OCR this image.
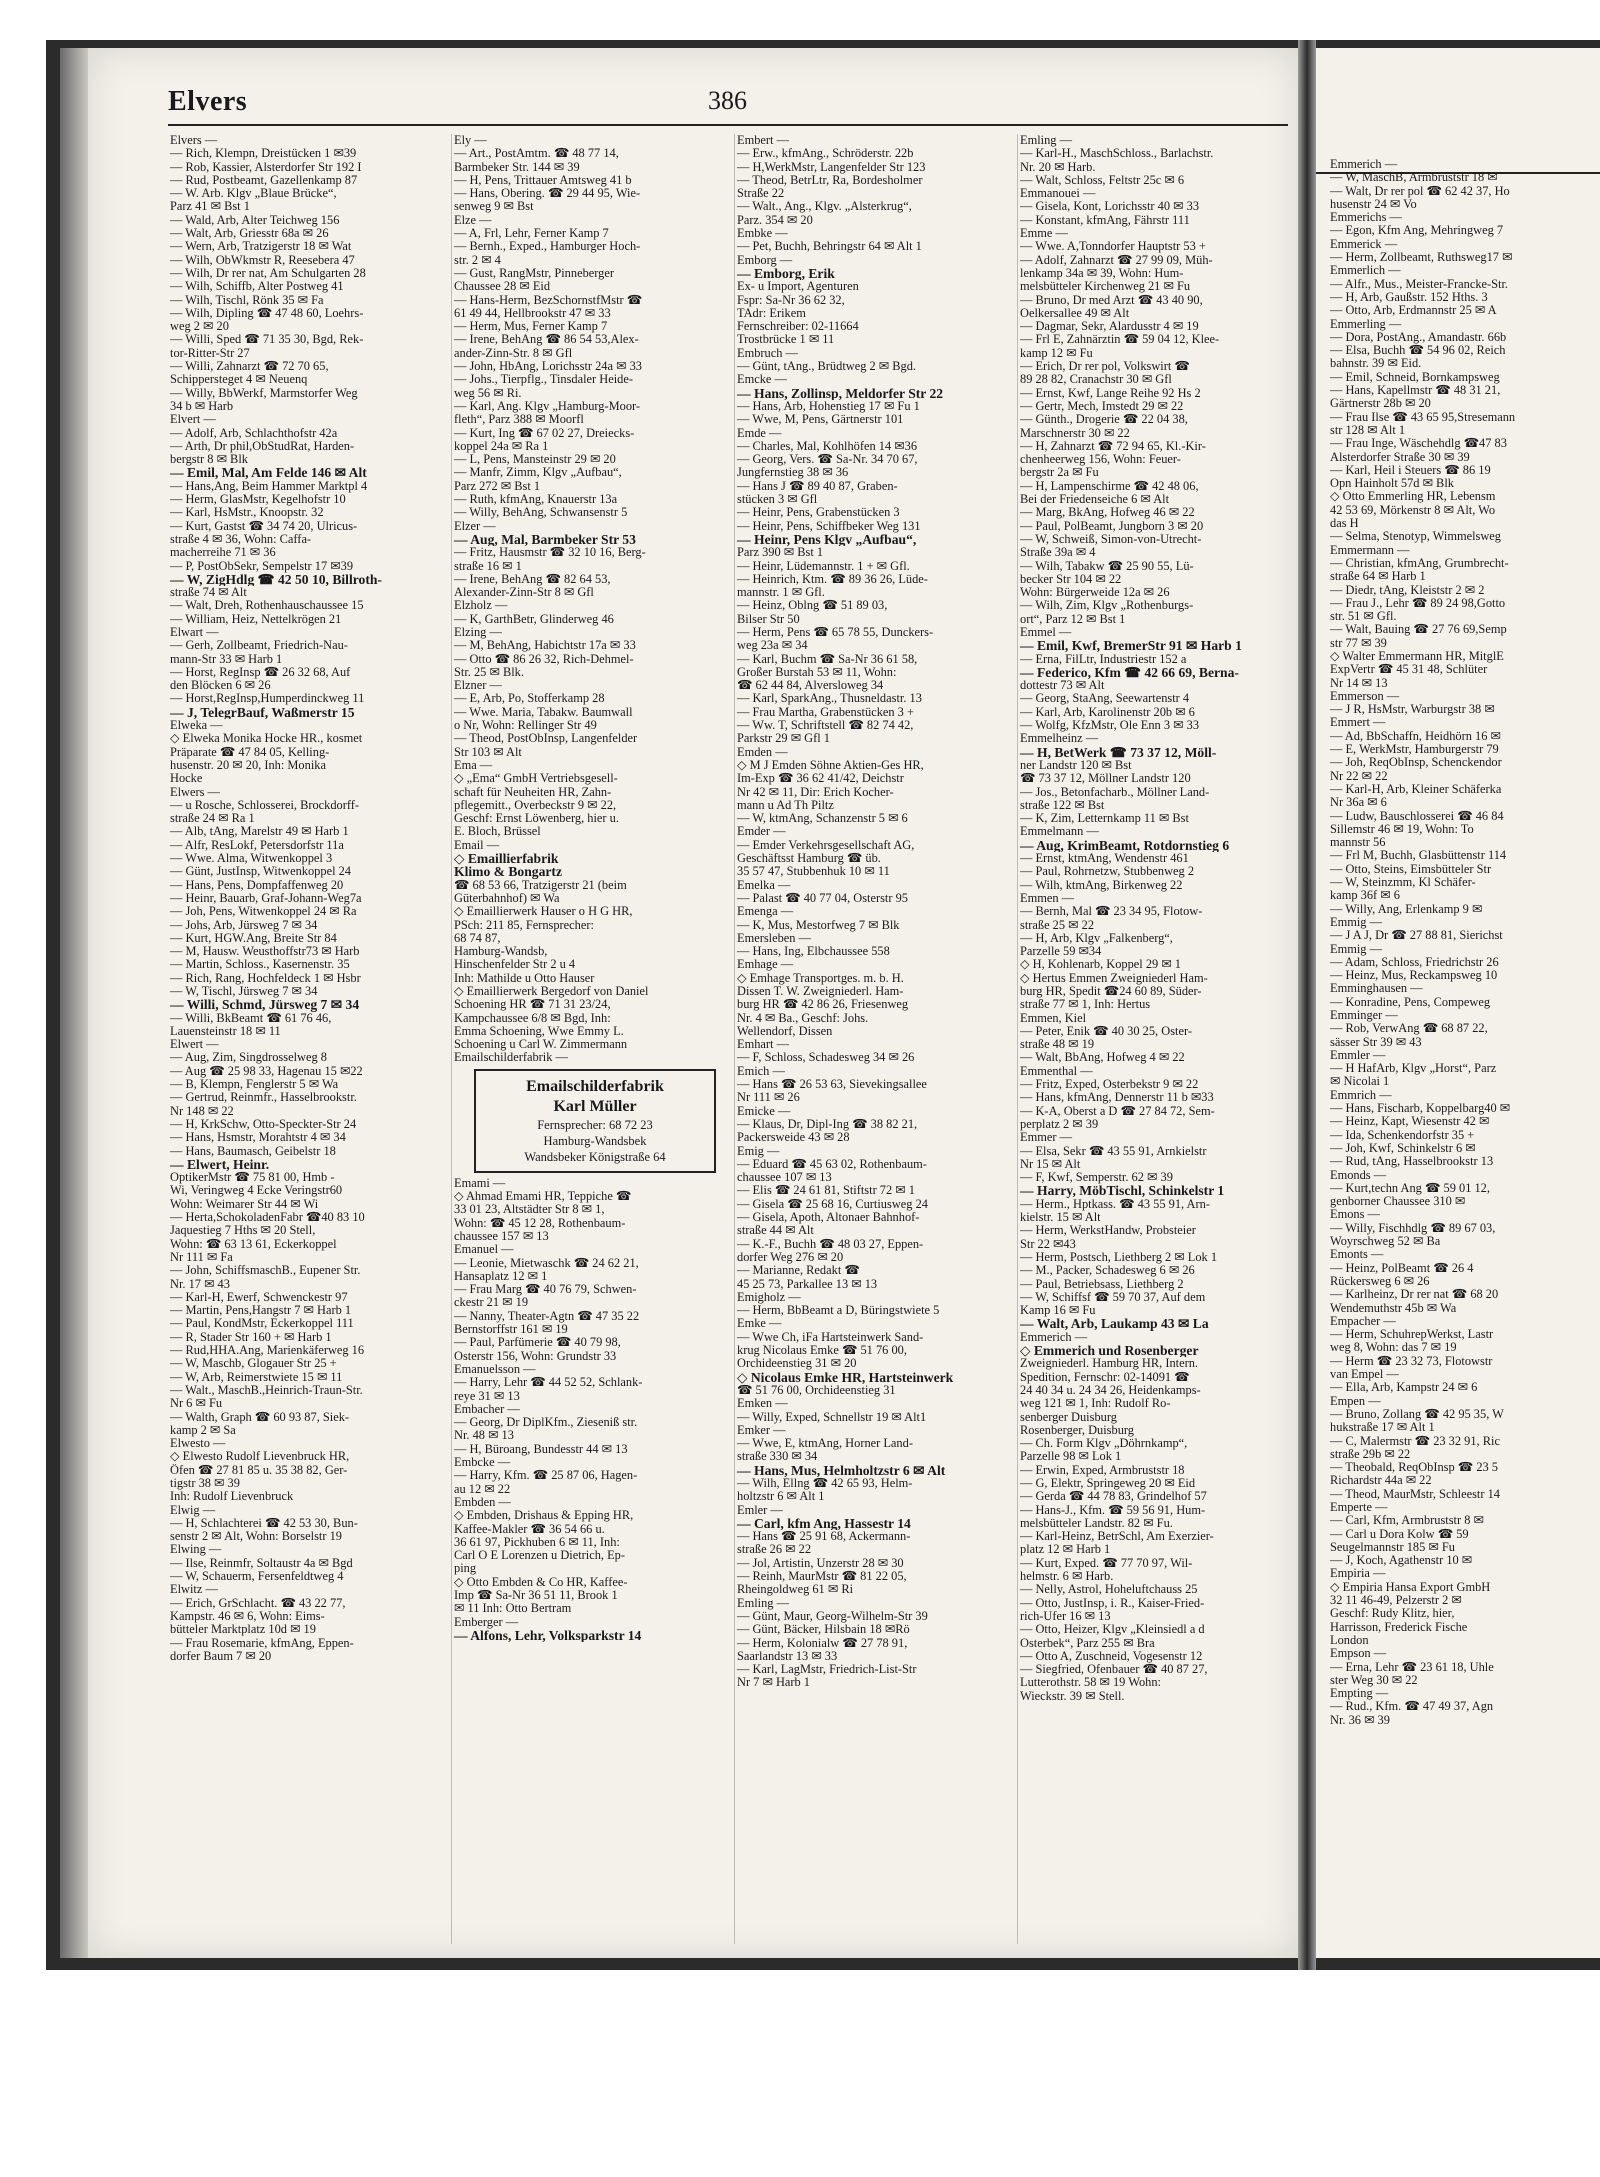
Elvers	386
Elvers —
— Rich, Klempn, Dreistücken 1 ✉39
— Rob, Kassier, Alsterdorfer Str 192 I
— Rud, Postbeamt, Gazellenkamp 87
— W. Arb. Klgv „Blaue Brücke“,
Parz 41 ✉ Bst 1
— Wald, Arb, Alter Teichweg 156
— Walt, Arb, Griesstr 68a ✉ 26
— Wern, Arb, Tratzigerstr 18 ✉ Wat
— Wilh, ObWkmstr R, Reesebera 47
— Wilh, Dr rer nat, Am Schulgarten 28
— Wilh, Schiffb, Alter Postweg 41
— Wilh, Tischl, Rönk 35 ✉ Fa
— Wilh, Dipling ☎ 47 48 60, Loehrs-
weg 2 ✉ 20
— Willi, Sped ☎ 71 35 30, Bgd, Rek-
tor-Ritter-Str 27
— Willi, Zahnarzt ☎ 72 70 65,
Schippersteget 4 ✉ Neuenq
— Willy, BbWerkf, Marmstorfer Weg
34 b ✉ Harb
Elvert —
— Adolf, Arb, Schlachthofstr 42a
— Arth, Dr phil,ObStudRat, Harden-
bergstr 8 ✉ Blk
— Emil, Mal, Am Felde 146 ✉ Alt
— Hans,Ang, Beim Hammer Marktpl 4
— Herm, GlasMstr, Kegelhofstr 10
— Karl, HsMstr., Knoopstr. 32
— Kurt, Gastst ☎ 34 74 20, Ulricus-
straße 4 ✉ 36, Wohn: Caffa-
macherreihe 71 ✉ 36
— P, PostObSekr, Sempelstr 17 ✉39
— W, ZigHdlg ☎ 42 50 10, Billroth-
straße 74 ✉ Alt
— Walt, Dreh, Rothenhauschaussee 15
— William, Heiz, Nettelkrögen 21
Elwart —
— Gerh, Zollbeamt, Friedrich-Nau-
mann-Str 33 ✉ Harb 1
— Horst, RegInsp ☎ 26 32 68, Auf
den Blöcken 6 ✉ 26
— Horst,RegInsp,Humperdinckweg 11
— J, TelegrBauf, Waßmerstr 15
Elweka —
◇ Elweka Monika Hocke HR., kosmet
Präparate ☎ 47 84 05, Kelling-
husenstr. 20 ✉ 20, Inh: Monika
Hocke
Elwers —
— u Rosche, Schlosserei, Brockdorff-
straße 24 ✉ Ra 1
— Alb, tAng, Marelstr 49 ✉ Harb 1
— Alfr, ResLokf, Petersdorfstr 11a
— Wwe. Alma, Witwenkoppel 3
— Günt, JustInsp, Witwenkoppel 24
— Hans, Pens, Dompfaffenweg 20
— Heinr, Bauarb, Graf-Johann-Weg7a
— Joh, Pens, Witwenkoppel 24 ✉ Ra
— Johs, Arb, Jürsweg 7 ✉ 34
— Kurt, HGW.Ang, Breite Str 84
— M, Hausw. Weusthoffstr73 ✉ Harb
— Martin, Schloss., Kasernenstr. 35
— Rich, Rang, Hochfeldeck 1 ✉ Hsbr
— W, Tischl, Jürsweg 7 ✉ 34
— Willi, Schmd, Jürsweg 7 ✉ 34
— Willi, BkBeamt ☎ 61 76 46,
Lauensteinstr 18 ✉ 11
Elwert —
— Aug, Zim, Singdrosselweg 8
— Aug ☎ 25 98 33, Hagenau 15 ✉22
— B, Klempn, Fenglerstr 5 ✉ Wa
— Gertrud, Reinmfr., Hasselbrookstr.
Nr 148 ✉ 22
— H, KrkSchw, Otto-Speckter-Str 24
— Hans, Hsmstr, Morahtstr 4 ✉ 34
— Hans, Baumasch, Geibelstr 18
— Elwert, Heinr.
OptikerMstr ☎ 75 81 00, Hmb -
Wi, Veringweg 4 Ecke Veringstr60
Wohn: Weimarer Str 44 ✉ Wi
— Herta,SchokoladenFabr ☎40 83 10
Jaquestieg 7 Hths ✉ 20 Stell,
Wohn: ☎ 63 13 61, Eckerkoppel
Nr 111 ✉ Fa
— John, SchiffsmaschB., Eupener Str.
Nr. 17 ✉ 43
— Karl-H, Ewerf, Schwenckestr 97
— Martin, Pens,Hangstr 7 ✉ Harb 1
— Paul, KondMstr, Eckerkoppel 111
— R, Stader Str 160 + ✉ Harb 1
— Rud,HHA.Ang, Marienkäferweg 16
— W, Maschb, Glogauer Str 25 +
— W, Arb, Reimerstwiete 15 ✉ 11
— Walt., MaschB.,Heinrich-Traun-Str.
Nr 6 ✉ Fu
— Walth, Graph ☎ 60 93 87, Siek-
kamp 2 ✉ Sa
Elwesto —
◇ Elwesto Rudolf Lievenbruck HR,
Öfen ☎ 27 81 85 u. 35 38 82, Ger-
tigstr 38 ✉ 39
Inh: Rudolf Lievenbruck
Elwig —
— H, Schlachterei ☎ 42 53 30, Bun-
senstr 2 ✉ Alt, Wohn: Borselstr 19
Elwing —
— Ilse, Reinmfr, Soltaustr 4a ✉ Bgd
— W, Schauerm, Fersenfeldtweg 4
Elwitz —
— Erich, GrSchlacht. ☎ 43 22 77,
Kampstr. 46 ✉ 6, Wohn: Eims-
bütteler Marktplatz 10d ✉ 19
— Frau Rosemarie, kfmAng, Eppen-
dorfer Baum 7 ✉ 20
Ely —
— Art., PostAmtm. ☎ 48 77 14,
Barmbeker Str. 144 ✉ 39
— H, Pens, Trittauer Amtsweg 41 b
— Hans, Obering. ☎ 29 44 95, Wie-
senweg 9 ✉ Bst
Elze —
— A, Frl, Lehr, Ferner Kamp 7
— Bernh., Exped., Hamburger Hoch-
str. 2 ✉ 4
— Gust, RangMstr, Pinneberger
Chaussee 28 ✉ Eid
— Hans-Herm, BezSchornstfMstr ☎
61 49 44, Hellbrookstr 47 ✉ 33
— Herm, Mus, Ferner Kamp 7
— Irene, BehAng ☎ 86 54 53,Alex-
ander-Zinn-Str. 8 ✉ Gfl
— John, HbAng, Lorichsstr 24a ✉ 33
— Johs., Tierpflg., Tinsdaler Heide-
weg 56 ✉ Ri.
— Karl, Ang. Klgv „Hamburg-Moor-
fleth“, Parz 388 ✉ Moorfl
— Kurt, Ing ☎ 67 02 27, Dreiecks-
koppel 24a ✉ Ra 1
— L, Pens, Mansteinstr 29 ✉ 20
— Manfr, Zimm, Klgv „Aufbau“,
Parz 272 ✉ Bst 1
— Ruth, kfmAng, Knauerstr 13a
— Willy, BehAng, Schwansenstr 5
Elzer —
— Aug, Mal, Barmbeker Str 53
— Fritz, Hausmstr ☎ 32 10 16, Berg-
straße 16 ✉ 1
— Irene, BehAng ☎ 82 64 53,
Alexander-Zinn-Str 8 ✉ Gfl
Elzholz —
— K, GarthBetr, Glinderweg 46
Elzing —
— M, BehAng, Habichtstr 17a ✉ 33
— Otto ☎ 86 26 32, Rich-Dehmel-
Str. 25 ✉ Blk.
Elzner —
— E, Arb, Po, Stofferkamp 28
— Wwe. Maria, Tabakw. Baumwall
o Nr, Wohn: Rellinger Str 49
— Theod, PostObInsp, Langenfelder
Str 103 ✉ Alt
Ema —
◇ „Ema“ GmbH Vertriebsgesell-
schaft für Neuheiten HR, Zahn-
pflegemitt., Overbeckstr 9 ✉ 22,
Geschf: Ernst Löwenberg, hier u.
E. Bloch, Brüssel
Email —
◇ Emaillierfabrik
Klimo & Bongartz
☎ 68 53 66, Tratzigerstr 21 (beim
Güterbahnhof) ✉ Wa
◇ Emaillierwerk Hauser o H G HR,
PSch: 211 85, Fernsprecher:
68 74 87,
Hamburg-Wandsb,
Hinschenfelder Str 2 u 4
Inh: Mathilde u Otto Hauser
◇ Emaillierwerk Bergedorf von Daniel
Schoening HR ☎ 71 31 23/24,
Kampchaussee 6/8 ✉ Bgd, Inh:
Emma Schoening, Wwe Emmy L.
Schoening u Carl W. Zimmermann
Emailschilderfabrik —
Emailschilderfabrik
Karl Müller
Fernsprecher: 68 72 23
Hamburg-Wandsbek
Wandsbeker Königstraße 64
Emami —
◇ Ahmad Emami HR, Teppiche ☎
33 01 23, Altstädter Str 8 ✉ 1,
Wohn: ☎ 45 12 28, Rothenbaum-
chaussee 157 ✉ 13
Emanuel —
— Leonie, Mietwaschk ☎ 24 62 21,
Hansaplatz 12 ✉ 1
— Frau Marg ☎ 40 76 79, Schwen-
ckestr 21 ✉ 19
— Nanny, Theater-Agtn ☎ 47 35 22
Bernstorffstr 161 ✉ 19
— Paul, Parfümerie ☎ 40 79 98,
Osterstr 156, Wohn: Grundstr 33
Emanuelsson —
— Harry, Lehr ☎ 44 52 52, Schlank-
reye 31 ✉ 13
Embacher —
— Georg, Dr DiplKfm., Zieseniß str.
Nr. 48 ✉ 13
— H, Büroang, Bundesstr 44 ✉ 13
Embcke —
— Harry, Kfm. ☎ 25 87 06, Hagen-
au 12 ✉ 22
Embden —
◇ Embden, Drishaus & Epping HR,
Kaffee-Makler ☎ 36 54 66 u.
36 61 97, Pickhuben 6 ✉ 11, Inh:
Carl O E Lorenzen u Dietrich, Ep-
ping
◇ Otto Embden & Co HR, Kaffee-
Imp ☎ Sa-Nr 36 51 11, Brook 1
✉ 11 Inh: Otto Bertram
Emberger —
— Alfons, Lehr, Volksparkstr 14
Embert —
— Erw., kfmAng., Schröderstr. 22b
— H,WerkMstr, Langenfelder Str 123
— Theod, BetrLtr, Ra, Bordesholmer
Straße 22
— Walt., Ang., Klgv. „Alsterkrug“,
Parz. 354 ✉ 20
Embke —
— Pet, Buchh, Behringstr 64 ✉ Alt 1
Emborg —
— Emborg, Erik
Ex- u Import, Agenturen
Fspr: Sa-Nr 36 62 32,
TAdr: Erikem
Fernschreiber: 02-11664
Trostbrücke 1 ✉ 11
Embruch —
— Günt, tAng., Brüdtweg 2 ✉ Bgd.
Emcke —
— Hans, Zollinsp, Meldorfer Str 22
— Hans, Arb, Hohenstieg 17 ✉ Fu 1
— Wwe, M, Pens, Gärtnerstr 101
Emde —
— Charles, Mal, Kohlhöfen 14 ✉36
— Georg, Vers. ☎ Sa-Nr. 34 70 67,
Jungfernstieg 38 ✉ 36
— Hans J ☎ 89 40 87, Graben-
stücken 3 ✉ Gfl
— Heinr, Pens, Grabenstücken 3
— Heinr, Pens, Schiffbeker Weg 131
— Heinr, Pens Klgv „Aufbau“,
Parz 390 ✉ Bst 1
— Heinr, Lüdemannstr. 1 + ✉ Gfl.
— Heinrich, Ktm. ☎ 89 36 26, Lüde-
mannstr. 1 ✉ Gfl.
— Heinz, Oblng ☎ 51 89 03,
Bilser Str 50
— Herm, Pens ☎ 65 78 55, Dunckers-
weg 23a ✉ 34
— Karl, Buchm ☎ Sa-Nr 36 61 58,
Großer Burstah 53 ✉ 11, Wohn:
☎ 62 44 84, Alversloweg 34
— Karl, SparkAng., Thusneldastr. 13
— Frau Martha, Grabenstücken 3 +
— Ww. T, Schriftstell ☎ 82 74 42,
Parkstr 29 ✉ Gfl 1
Emden —
◇ M J Emden Söhne Aktien-Ges HR,
Im-Exp ☎ 36 62 41/42, Deichstr
Nr 42 ✉ 11, Dir: Erich Kocher-
mann u Ad Th Piltz
— W, ktmAng, Schanzenstr 5 ✉ 6
Emder —
— Emder Verkehrsgesellschaft AG,
Geschäftsst Hamburg ☎ üb.
35 57 47, Stubbenhuk 10 ✉ 11
Emelka —
— Palast ☎ 40 77 04, Osterstr 95
Emenga —
— K, Mus, Mestorfweg 7 ✉ Blk
Emersleben —
— Hans, Ing, Elbchaussee 558
Emhage —
◇ Emhage Transportges. m. b. H.
Dissen T. W. Zweigniederl. Ham-
burg HR ☎ 42 86 26, Friesenweg
Nr. 4 ✉ Ba., Geschf: Johs.
Wellendorf, Dissen
Emhart —
— F, Schloss, Schadesweg 34 ✉ 26
Emich —
— Hans ☎ 26 53 63, Sievekingsallee
Nr 111 ✉ 26
Emicke —
— Klaus, Dr, Dipl-Ing ☎ 38 82 21,
Packersweide 43 ✉ 28
Emig —
— Eduard ☎ 45 63 02, Rothenbaum-
chaussee 107 ✉ 13
— Elis ☎ 24 61 81, Stiftstr 72 ✉ 1
— Gisela ☎ 25 68 16, Curtiusweg 24
— Gisela, Apoth, Altonaer Bahnhof-
straße 44 ✉ Alt
— K.-F., Buchh ☎ 48 03 27, Eppen-
dorfer Weg 276 ✉ 20
— Marianne, Redakt ☎
45 25 73, Parkallee 13 ✉ 13
Emigholz —
— Herm, BbBeamt a D, Büringstwiete 5
Emke —
— Wwe Ch, iFa Hartsteinwerk Sand-
krug Nicolaus Emke ☎ 51 76 00,
Orchideenstieg 31 ✉ 20
◇ Nicolaus Emke HR, Hartsteinwerk
☎ 51 76 00, Orchideenstieg 31
Emken —
— Willy, Exped, Schnellstr 19 ✉ Alt1
Emker —
— Wwe, E, ktmAng, Horner Land-
straße 330 ✉ 34
— Hans, Mus, Helmholtzstr 6 ✉ Alt
— Wilh, Ellng ☎ 42 65 93, Helm-
holtzstr 6 ✉ Alt 1
Emler —
— Carl, kfm Ang, Hassestr 14
— Hans ☎ 25 91 68, Ackermann-
straße 26 ✉ 22
— Jol, Artistin, Unzerstr 28 ✉ 30
— Reinh, MaurMstr ☎ 81 22 05,
Rheingoldweg 61 ✉ Ri
Emling —
— Günt, Maur, Georg-Wilhelm-Str 39
— Günt, Bäcker, Hilsbain 18 ✉Rö
— Herm, Kolonialw ☎ 27 78 91,
Saarlandstr 13 ✉ 33
— Karl, LagMstr, Friedrich-List-Str
Nr 7 ✉ Harb 1
Emling —
— Karl-H., MaschSchloss., Barlachstr.
Nr. 20 ✉ Harb.
— Walt, Schloss, Feltstr 25c ✉ 6
Emmanouei —
— Gisela, Kont, Lorichsstr 40 ✉ 33
— Konstant, kfmAng, Fährstr 111
Emme —
— Wwe. A,Tonndorfer Hauptstr 53 +
— Adolf, Zahnarzt ☎ 27 99 09, Müh-
lenkamp 34a ✉ 39, Wohn: Hum-
melsbütteler Kirchenweg 21 ✉ Fu
— Bruno, Dr med Arzt ☎ 43 40 90,
Oelkersallee 49 ✉ Alt
— Dagmar, Sekr, Alardusstr 4 ✉ 19
— Frl E, Zahnärztin ☎ 59 04 12, Klee-
kamp 12 ✉ Fu
— Erich, Dr rer pol, Volkswirt ☎
89 28 82, Cranachstr 30 ✉ Gfl
— Ernst, Kwf, Lange Reihe 92 Hs 2
— Gertr, Mech, Imstedt 29 ✉ 22
— Günth., Drogerie ☎ 22 04 38,
Marschnerstr 30 ✉ 22
— H, Zahnarzt ☎ 72 94 65, Kl.-Kir-
chenheerweg 156, Wohn: Feuer-
bergstr 2a ✉ Fu
— H, Lampenschirme ☎ 42 48 06,
Bei der Friedenseiche 6 ✉ Alt
— Marg, BkAng, Hofweg 46 ✉ 22
— Paul, PolBeamt, Jungborn 3 ✉ 20
— W, Schweiß, Simon-von-Utrecht-
Straße 39a ✉ 4
— Wilh, Tabakw ☎ 25 90 55, Lü-
becker Str 104 ✉ 22
Wohn: Bürgerweide 12a ✉ 26
— Wilh, Zim, Klgv „Rothenburgs-
ort“, Parz 12 ✉ Bst 1
Emmel —
— Emil, Kwf, BremerStr 91 ✉ Harb 1
— Erna, FilLtr, Industriestr 152 a
— Federico, Kfm ☎ 42 66 69, Berna-
dottestr 73 ✉ Alt
— Georg, StaAng, Seewartenstr 4
— Karl, Arb, Karolinenstr 20b ✉ 6
— Wolfg, KfzMstr, Ole Enn 3 ✉ 33
Emmelheinz —
— H, BetWerk ☎ 73 37 12, Möll-
ner Landstr 120 ✉ Bst
☎ 73 37 12, Möllner Landstr 120
— Jos., Betonfacharb., Möllner Land-
straße 122 ✉ Bst
— K, Zim, Letternkamp 11 ✉ Bst
Emmelmann —
— Aug, KrimBeamt, Rotdornstieg 6
— Ernst, ktmAng, Wendenstr 461
— Paul, Rohrnetzw, Stubbenweg 2
— Wilh, ktmAng, Birkenweg 22
Emmen —
— Bernh, Mal ☎ 23 34 95, Flotow-
straße 25 ✉ 22
— H, Arb, Klgv „Falkenberg“,
Parzelle 59 ✉34
◇ H, Kohlenarb, Koppel 29 ✉ 1
◇ Hertus Emmen Zweigniederl Ham-
burg HR, Spedit ☎24 60 89, Süder-
straße 77 ✉ 1, Inh: Hertus
Emmen, Kiel
— Peter, Enik ☎ 40 30 25, Oster-
straße 48 ✉ 19
— Walt, BbAng, Hofweg 4 ✉ 22
Emmenthal —
— Fritz, Exped, Osterbekstr 9 ✉ 22
— Hans, kfmAng, Dennerstr 11 b ✉33
— K-A, Oberst a D ☎ 27 84 72, Sem-
perplatz 2 ✉ 39
Emmer —
— Elsa, Sekr ☎ 43 55 91, Arnkielstr
Nr 15 ✉ Alt
— F, Kwf, Semperstr. 62 ✉ 39
— Harry, MöbTischl, Schinkelstr 1
— Herm., Hptkass. ☎ 43 55 91, Arn-
kielstr. 15 ✉ Alt
— Herm, WerkstHandw, Probsteier
Str 22 ✉43
— Herm, Postsch, Liethberg 2 ✉ Lok 1
— M., Packer, Schadesweg 6 ✉ 26
— Paul, Betriebsass, Liethberg 2
— W, Schiffsf ☎ 59 70 37, Auf dem
Kamp 16 ✉ Fu
— Walt, Arb, Laukamp 43 ✉ La
Emmerich —
◇ Emmerich und Rosenberger
Zweigniederl. Hamburg HR, Intern.
Spedition, Fernschr: 02-14091 ☎
24 40 34 u. 24 34 26, Heidenkamps-
weg 121 ✉ 1, Inh: Rudolf Ro-
senberger Duisburg
Rosenberger, Duisburg
— Ch. Form Klgv „Döhrnkamp“,
Parzelle 98 ✉ Lok 1
— Erwin, Exped, Armbruststr 18
— G, Elektr, Springeweg 20 ✉ Eid
— Gerda ☎ 44 78 83, Grindelhof 57
— Hans-J., Kfm. ☎ 59 56 91, Hum-
melsbütteler Landstr. 82 ✉ Fu.
— Karl-Heinz, BetrSchl, Am Exerzier-
platz 12 ✉ Harb 1
— Kurt, Exped. ☎ 77 70 97, Wil-
helmstr. 6 ✉ Harb.
— Nelly, Astrol, Hoheluftchauss 25
— Otto, JustInsp, i. R., Kaiser-Fried-
rich-Ufer 16 ✉ 13
— Otto, Heizer, Klgv „Kleinsiedl a d
Osterbek“, Parz 255 ✉ Bra
— Otto A, Zuschneid, Vogesenstr 12
— Siegfried, Ofenbauer ☎ 40 87 27,
Lutterothstr. 58 ✉ 19 Wohn:
Wieckstr. 39 ✉ Stell.
Emmerich —
— W, MaschB, Armbruststr 18 ✉
— Walt, Dr rer pol ☎ 62 42 37, Ho
husenstr 24 ✉ Vo
Emmerichs —
— Egon, Kfm Ang, Mehringweg 7
Emmerick —
— Herm, Zollbeamt, Ruthsweg17 ✉
Emmerlich —
— Alfr., Mus., Meister-Francke-Str.
— H, Arb, Gaußstr. 152 Hths. 3
— Otto, Arb, Erdmannstr 25 ✉ A
Emmerling —
— Dora, PostAng., Amandastr. 66b
— Elsa, Buchh ☎ 54 96 02, Reich
bahnstr. 39 ✉ Eid.
— Emil, Schneid, Bornkampsweg
— Hans, Kapellmstr ☎ 48 31 21,
Gärtnerstr 28b ✉ 20
— Frau Ilse ☎ 43 65 95,Stresemann
str 128 ✉ Alt 1
— Frau Inge, Wäschehdlg ☎47 83
Alsterdorfer Straße 30 ✉ 39
— Karl, Heil i Steuers ☎ 86 19
Opn Hainholt 57d ✉ Blk
◇ Otto Emmerling HR, Lebensm
42 53 69, Mörkenstr 8 ✉ Alt, Wo
das H
— Selma, Stenotyp, Wimmelsweg
Emmermann —
— Christian, kfmAng, Grumbrecht-
straße 64 ✉ Harb 1
— Diedr, tAng, Kleiststr 2 ✉ 2
— Frau J., Lehr ☎ 89 24 98,Gotto
str. 51 ✉ Gfl.
— Walt, Bauing ☎ 27 76 69,Semp
str 77 ✉ 39
◇ Walter Emmermann HR, MitglE
ExpVertr ☎ 45 31 48, Schlüter
Nr 14 ✉ 13
Emmerson —
— J R, HsMstr, Warburgstr 38 ✉
Emmert —
— Ad, BbSchaffn, Heidhörn 16 ✉
— E, WerkMstr, Hamburgerstr 79
— Joh, ReqObInsp, Schenckendor
Nr 22 ✉ 22
— Karl-H, Arb, Kleiner Schäferka
Nr 36a ✉ 6
— Ludw, Bauschlosserei ☎ 46 84
Sillemstr 46 ✉ 19, Wohn: To
mannstr 56
— Frl M, Buchh, Glasbüttenstr 114
— Otto, Steins, Eimsbütteler Str
— W, Steinzmm, Kl Schäfer-
kamp 36f ✉ 6
— Willy, Ang, Erlenkamp 9 ✉
Emmig —
— J A J, Dr ☎ 27 88 81, Sierichst
Emmig —
— Adam, Schloss, Friedrichstr 26
— Heinz, Mus, Reckampsweg 10
Emminghausen —
— Konradine, Pens, Compeweg
Emminger —
— Rob, VerwAng ☎ 68 87 22,
sässer Str 39 ✉ 43
Emmler —
— H HafArb, Klgv „Horst“, Parz
✉ Nicolai 1
Emmrich —
— Hans, Fischarb, Koppelbarg40 ✉
— Heinz, Kapt, Wiesenstr 42 ✉
— Ida, Schenkendorfstr 35 +
— Joh, Kwf, Schinkelstr 6 ✉
— Rud, tAng, Hasselbrookstr 13
Emonds —
— Kurt,techn Ang ☎ 59 01 12,
genborner Chaussee 310 ✉
Emons —
— Willy, Fischhdlg ☎ 89 67 03,
Woyrschweg 52 ✉ Ba
Emonts —
— Heinz, PolBeamt ☎ 26 4
Rückersweg 6 ✉ 26
— Karlheinz, Dr rer nat ☎ 68 20
Wendemuthstr 45b ✉ Wa
Empacher —
— Herm, SchuhrepWerkst, Lastr
weg 8, Wohn: das 7 ✉ 19
— Herm ☎ 23 32 73, Flotowstr
van Empel —
— Ella, Arb, Kampstr 24 ✉ 6
Empen —
— Bruno, Zollang ☎ 42 95 35, W
hukstraße 17 ✉ Alt 1
— C, Malermstr ☎ 23 32 91, Ric
straße 29b ✉ 22
— Theobald, ReqObInsp ☎ 23 5
Richardstr 44a ✉ 22
— Theod, MaurMstr, Schleestr 14
Emperte —
— Carl, Kfm, Armbruststr 8 ✉
— Carl u Dora Kolw ☎ 59
Seugelmannstr 185 ✉ Fu
— J, Koch, Agathenstr 10 ✉
Empiria —
◇ Empiria Hansa Export GmbH
32 11 46-49, Pelzerstr 2 ✉
Geschf: Rudy Klitz, hier,
Harrisson, Frederick Fische
London
Empson —
— Erna, Lehr ☎ 23 61 18, Uhle
ster Weg 30 ✉ 22
Empting —
— Rud., Kfm. ☎ 47 49 37, Agn
Nr. 36 ✉ 39
